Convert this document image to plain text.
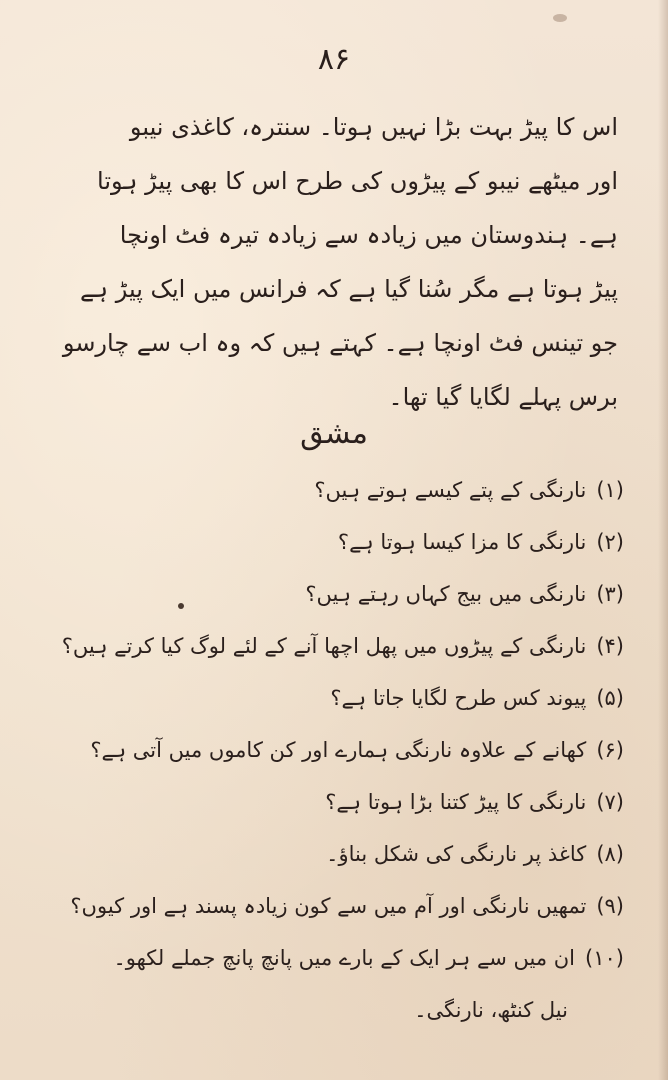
۸۶
اس کا پیڑ بہت بڑا نہیں ہوتا۔ سنترہ، کاغذی نیبو
اور میٹھے نیبو کے پیڑوں کی طرح اس کا بھی پیڑ ہوتا
ہے۔ ہندوستان میں زیادہ سے زیادہ تیرہ فٹ اونچا
پیڑ ہوتا ہے مگر سُنا گیا ہے کہ فرانس میں ایک پیڑ ہے
جو تینس فٹ اونچا ہے۔ کہتے ہیں کہ وہ اب سے چارسو
برس پہلے لگایا گیا تھا۔
مشق
(۱)نارنگی کے پتے کیسے ہوتے ہیں؟
(۲)نارنگی کا مزا کیسا ہوتا ہے؟
(۳)نارنگی میں بیج کہاں رہتے ہیں؟
(۴)نارنگی کے پیڑوں میں پھل اچھا آنے کے لئے لوگ کیا کرتے ہیں؟
(۵)پیوند کس طرح لگایا جاتا ہے؟
(۶)کھانے کے علاوہ نارنگی ہمارے اور کن کاموں میں آتی ہے؟
(۷)نارنگی کا پیڑ کتنا بڑا ہوتا ہے؟
(۸)کاغذ پر نارنگی کی شکل بناؤ۔
(۹)تمھیں نارنگی اور آم میں سے کون زیادہ پسند ہے اور کیوں؟
(۱۰)ان میں سے ہر ایک کے بارے میں پانچ پانچ جملے لکھو۔
نیل کنٹھ، نارنگی۔
